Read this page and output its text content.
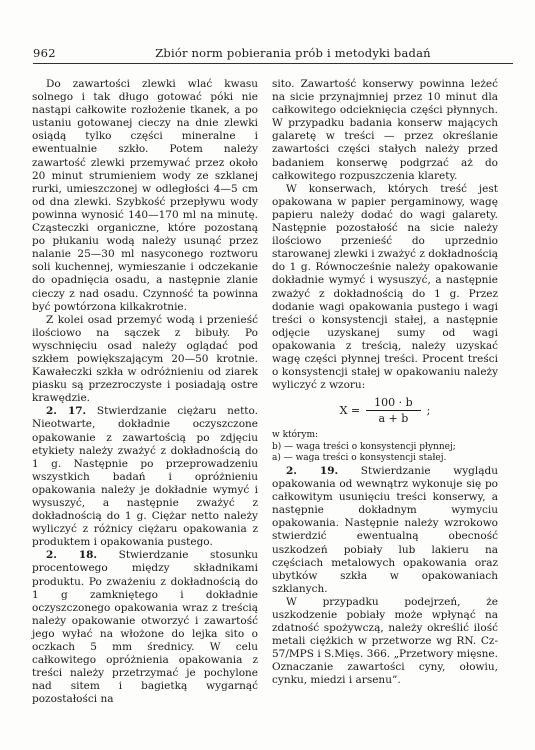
962	Zbiór norm pobierania prób i metodyki badań

Do zawartości zlewki wlać kwasu solnego i tak długo gotować póki nie nastąpi całkowite rozłożenie tkanek, a po ustaniu gotowanej cieczy na dnie zlewki osiądą tylko części mineralne i ewentualnie szkło. Potem należy zawartość zlewki przemywać przez około 20 minut strumieniem wody ze szklanej rurki, umieszczonej w odległości 4—5 cm od dna zlewki. Szybkość przepływu wody powinna wynosić 140—170 ml na minutę. Cząsteczki organiczne, które pozostaną po płukaniu wodą należy usunąć przez nalanie 25—30 ml nasyconego roztworu soli kuchennej, wymieszanie i odczekanie do opadnięcia osadu, a następnie zlanie cieczy z nad osadu. Czynność ta powinna być powtórzona kilkakrotnie.

Z kolei osad przemyć wodą i przenieść ilościowo na sączek z bibuły. Po wyschnięciu osad należy oglądać pod szkłem powiększającym 20—50 krotnie. Kawałeczki szkła w odróżnieniu od ziarek piasku są przezroczyste i posiadają ostre krawędzie.

2. 17. Stwierdzanie ciężaru netto. Nieotwarte, dokładnie oczyszczone opakowanie z zawartością po zdjęciu etykiety należy zważyć z dokładnością do 1 g. Następnie po przeprowadzeniu wszystkich badań i opróżnieniu opakowania należy je dokładnie wymyć i wysuszyć, a następnie zważyć z dokładnością do 1 g. Ciężar netto należy wyliczyć z różnicy ciężaru opakowania z produktem i opakowania pustego.

2. 18. Stwierdzanie stosunku procentowego między składnikami produktu. Po zważeniu z dokładnością do 1 g zamkniętego i dokładnie oczyszczonego opakowania wraz z treścią należy opakowanie otworzyć i zawartość jego wyłać na włożone do lejka sito o oczkach 5 mm średnicy. W celu całkowitego opróżnienia opakowania z treści należy przetrzymać je pochylone nad sitem i bagietką wygarnąć pozostałości na

sito. Zawartość konserwy powinna leżeć na sicie przynajmniej przez 10 minut dla całkowitego odcieknięcia części płynnych. W przypadku badania konserw mających galaretę w treści — przez określanie zawartości części stałych należy przed badaniem konserwę podgrzać aż do całkowitego rozpuszczenia klarety.

W konserwach, których treść jest opakowana w papier pergaminowy, wagę papieru należy dodać do wagi galarety. Następnie pozostałość na sicie należy ilościowo przenieść do uprzednio starowanej zlewki i zważyć z dokładnością do 1 g. Równocześnie należy opakowanie dokładnie wymyć i wysuszyć, a następnie zważyć z dokładnością do 1 g. Przez dodanie wagi opakowania pustego i wagi treści o konsystencji stałej, a następnie odjęcie uzyskanej sumy od wagi opakowania z treścią, należy uzyskać wagę części płynnej treści. Procent treści o konsystencji stałej w opakowaniu należy wyliczyć z wzoru:

$X = \frac{100 \cdot b}{a + b}$ ;
w którym:
b) — waga treści o konsystencji płynnej;
a) — waga treści o konsystencji stałej.

2. 19. Stwierdzanie wyglądu opakowania od wewnątrz wykonuje się po całkowitym usunięciu treści konserwy, a następnie dokładnym wymyciu opakowania. Następnie należy wzrokowo stwierdzić ewentualną obecność uszkodzeń pobiały lub lakieru na częściach metalowych opakowania oraz ubytków szkła w opakowaniach szklanych.

W przypadku podejrzeń, że uszkodzenie pobiały może wpłynąć na zdatność spożywczą, należy określić ilość metali ciężkich w przetworze wg RN. Cz-57/MPS i S.Mięs. 366. „Przetwory mięsne. Oznaczanie zawartości cyny, ołowiu, cynku, miedzi i arsenu”.
